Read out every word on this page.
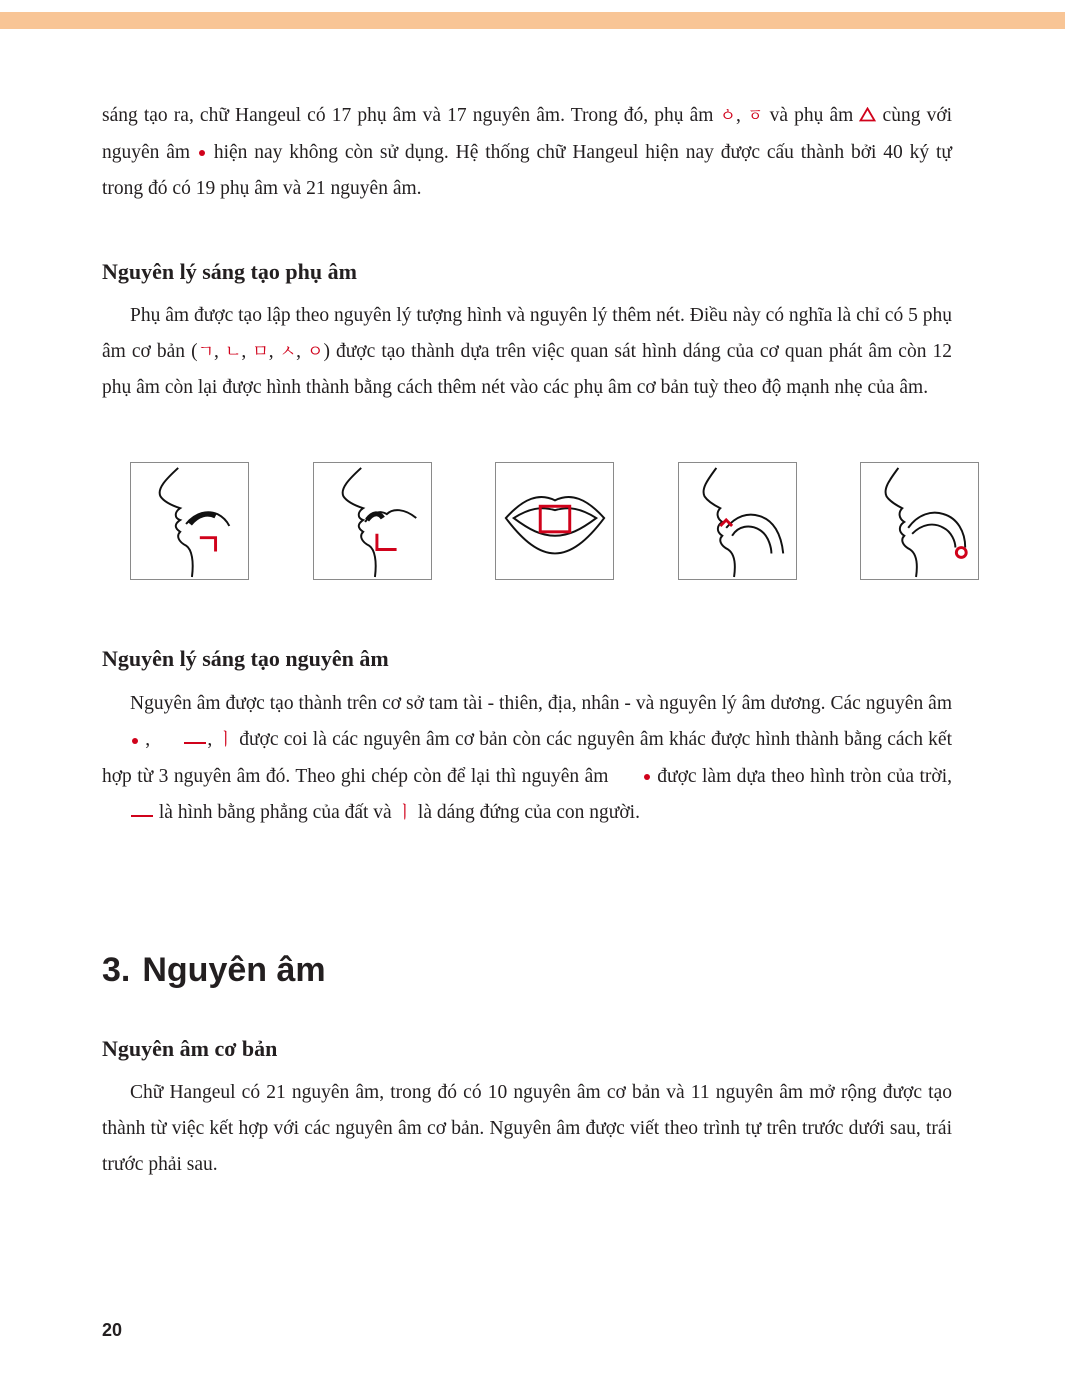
sáng tạo ra, chữ Hangeul có 17 phụ âm và 17 nguyên âm. Trong đó, phụ âm ㆁ, ㆆ và phụ âm cùng với nguyên âm hiện nay không còn sử dụng. Hệ thống chữ Hangeul hiện nay được cấu thành bởi 40 ký tự trong đó có 19 phụ âm và 21 nguyên âm.

Nguyên lý sáng tạo phụ âm

Phụ âm được tạo lập theo nguyên lý tượng hình và nguyên lý thêm nét. Điều này có nghĩa là chỉ có 5 phụ âm cơ bản (ㄱ, ㄴ, ㅁ, ㅅ, ㅇ) được tạo thành dựa trên việc quan sát hình dáng của cơ quan phát âm còn 12 phụ âm còn lại được hình thành bằng cách thêm nét vào các phụ âm cơ bản tuỳ theo độ mạnh nhẹ của âm.

Nguyên lý sáng tạo nguyên âm

Nguyên âm được tạo thành trên cơ sở tam tài - thiên, địa, nhân - và nguyên lý âm dương. Các nguyên âm  ,	, ㅣ được coi là các nguyên âm cơ bản còn các nguyên âm khác được hình thành bằng cách kết hợp từ 3 nguyên âm đó. Theo ghi chép còn để lại thì nguyên âm	được làm dựa theo hình tròn của trời,  là hình bằng phẳng của đất và ㅣ là dáng đứng của con người.

3. Nguyên âm
Nguyên âm cơ bản

Chữ Hangeul có 21 nguyên âm, trong đó có 10 nguyên âm cơ bản và 11 nguyên âm mở rộng được tạo thành từ việc kết hợp với các nguyên âm cơ bản. Nguyên âm được viết theo trình tự trên trước dưới sau, trái trước phải sau.

20
